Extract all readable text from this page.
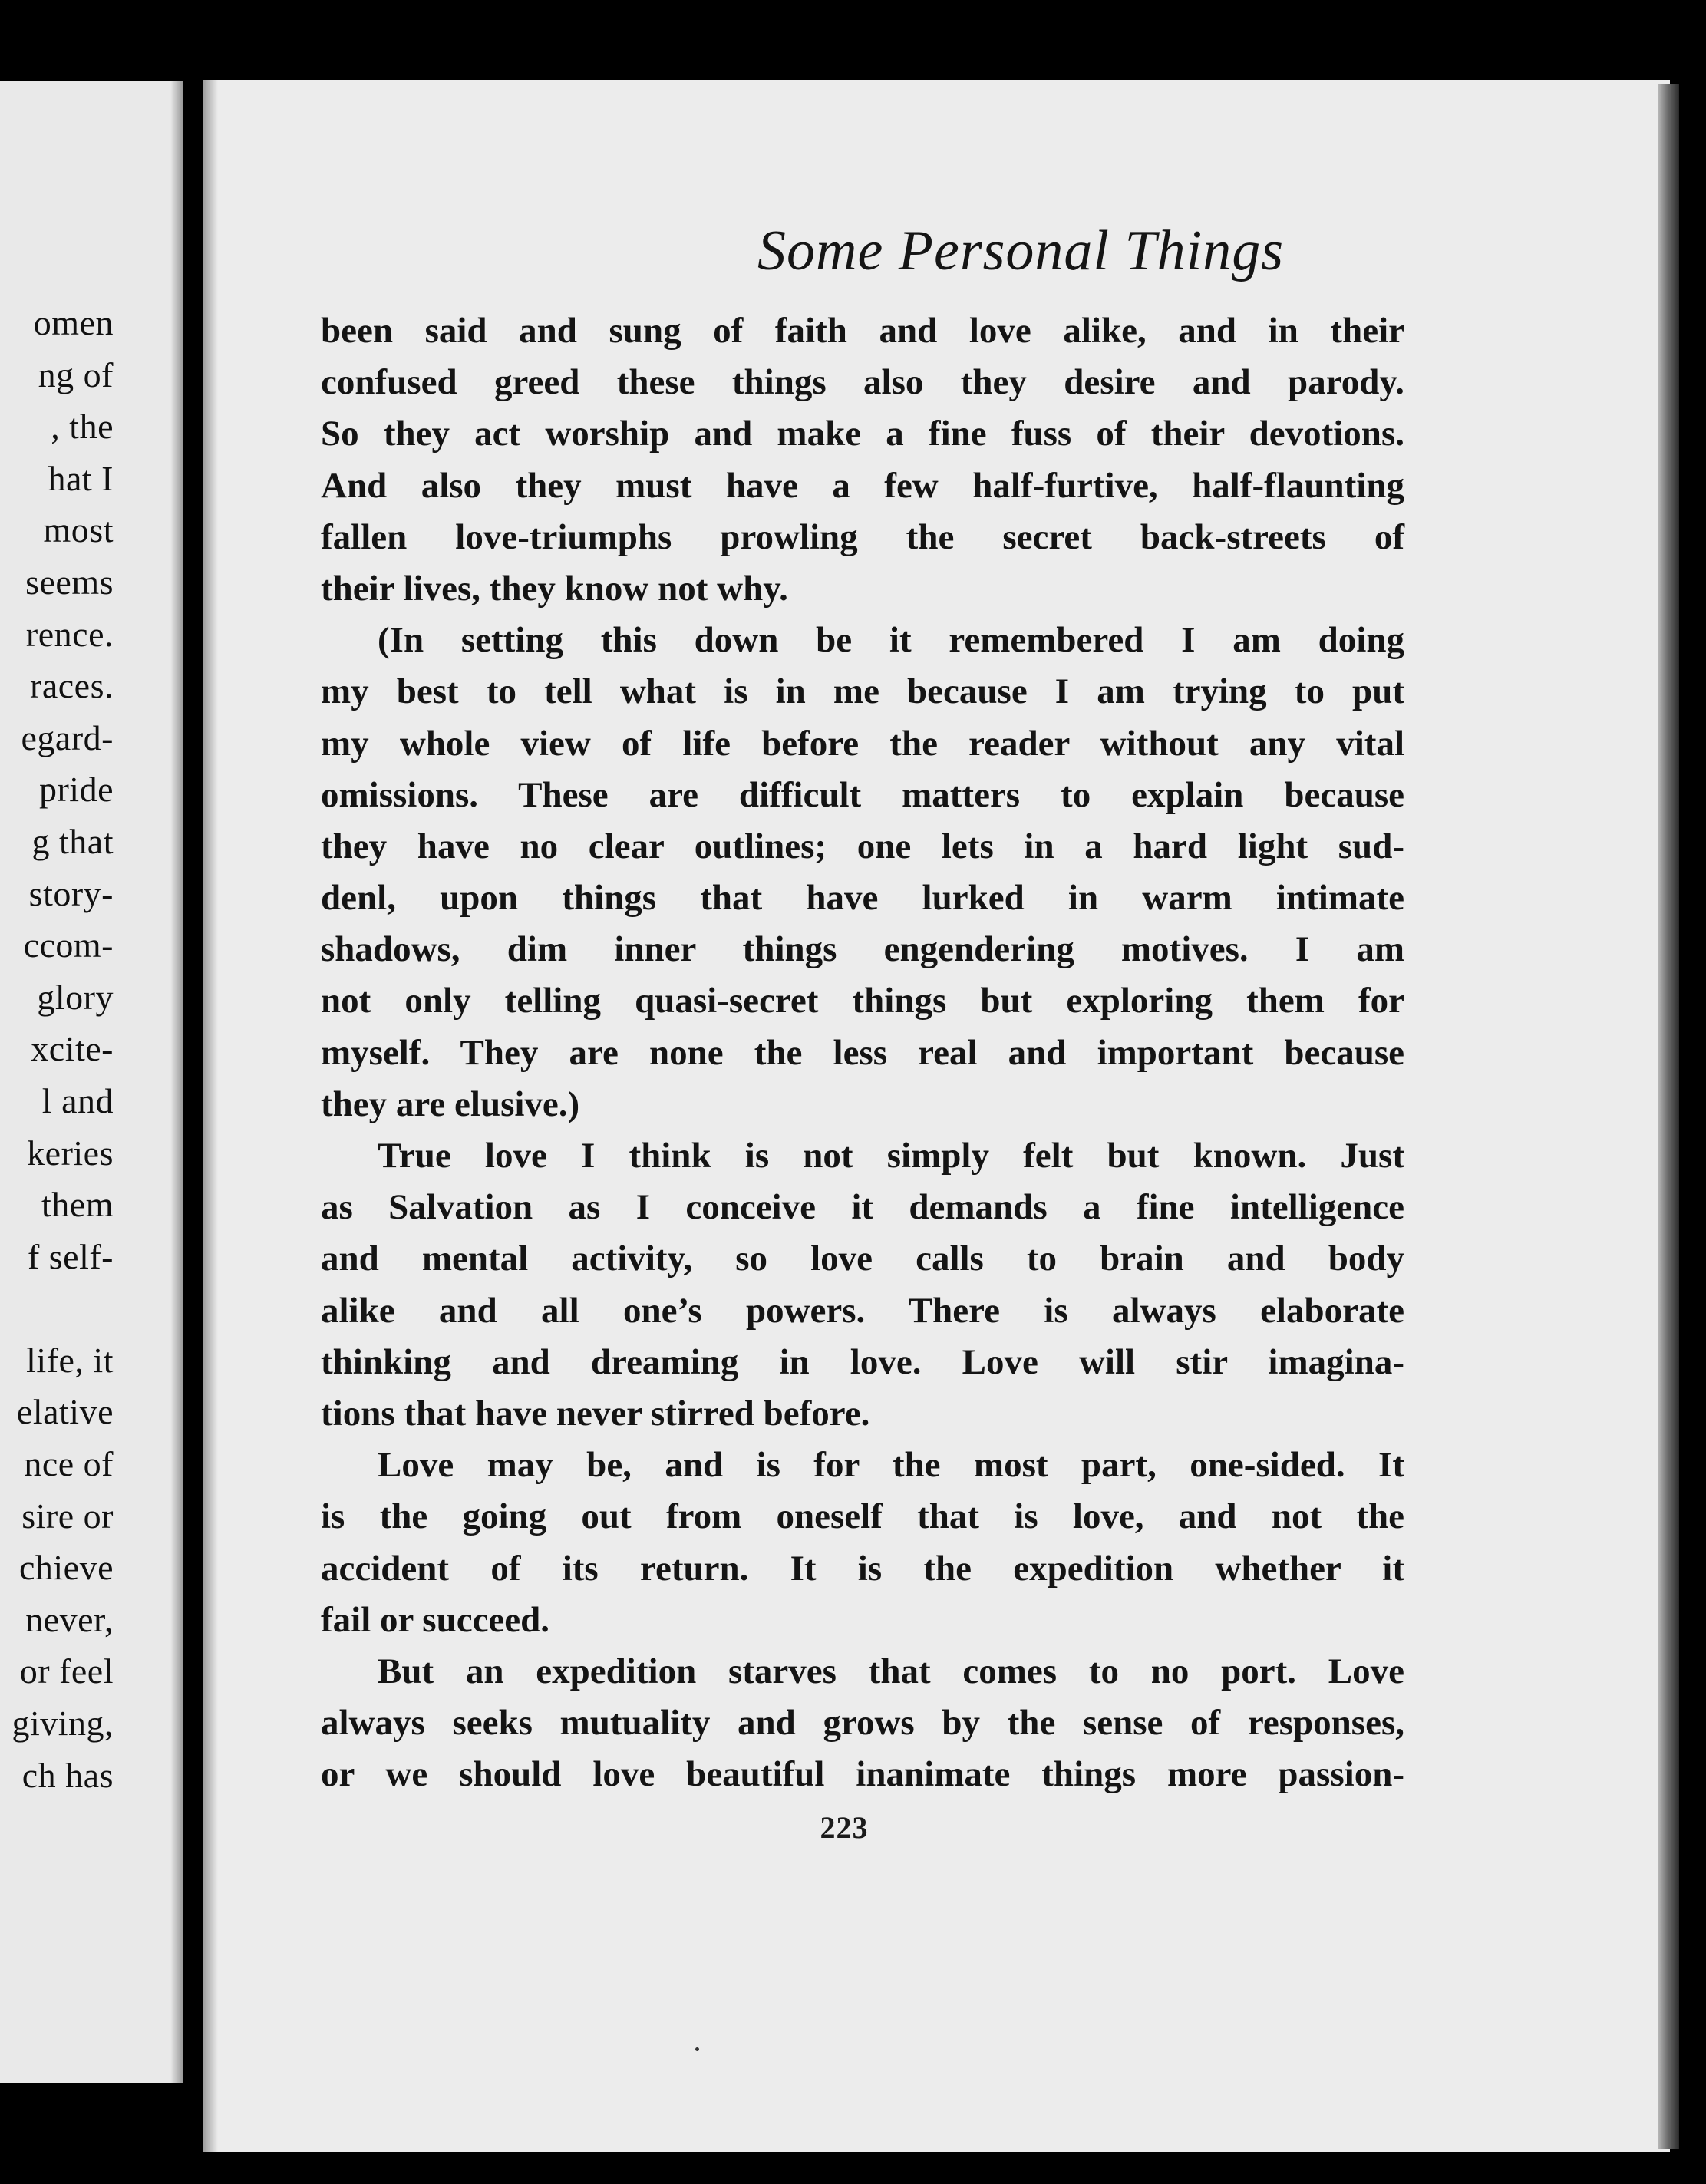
omen
ng of
, the
hat I
most
seems
rence.
races.
egard-
pride
g that
story-
ccom-
glory
xcite-
l and
keries
them
f self-
life, it
elative
nce of
sire or
chieve
never,
or feel
giving,
ch has
Some Personal Things
been said and sung of faith and love alike, and in their
confused greed these things also they desire and parody.
So they act worship and make a fine fuss of their devotions.
And also they must have a few half-furtive, half-flaunting
fallen love-triumphs prowling the secret back-streets of
their lives, they know not why.
(In setting this down be it remembered I am doing
my best to tell what is in me because I am trying to put
my whole view of life before the reader without any vital
omissions. These are difficult matters to explain because
they have no clear outlines; one lets in a hard light sud-
denl, upon things that have lurked in warm intimate
shadows, dim inner things engendering motives. I am
not only telling quasi-secret things but exploring them for
myself. They are none the less real and important because
they are elusive.)
True love I think is not simply felt but known. Just
as Salvation as I conceive it demands a fine intelligence
and mental activity, so love calls to brain and body
alike and all one’s powers. There is always elaborate
thinking and dreaming in love. Love will stir imagina-
tions that have never stirred before.
Love may be, and is for the most part, one-sided. It
is the going out from oneself that is love, and not the
accident of its return. It is the expedition whether it
fail or succeed.
But an expedition starves that comes to no port. Love
always seeks mutuality and grows by the sense of responses,
or we should love beautiful inanimate things more passion-
223
